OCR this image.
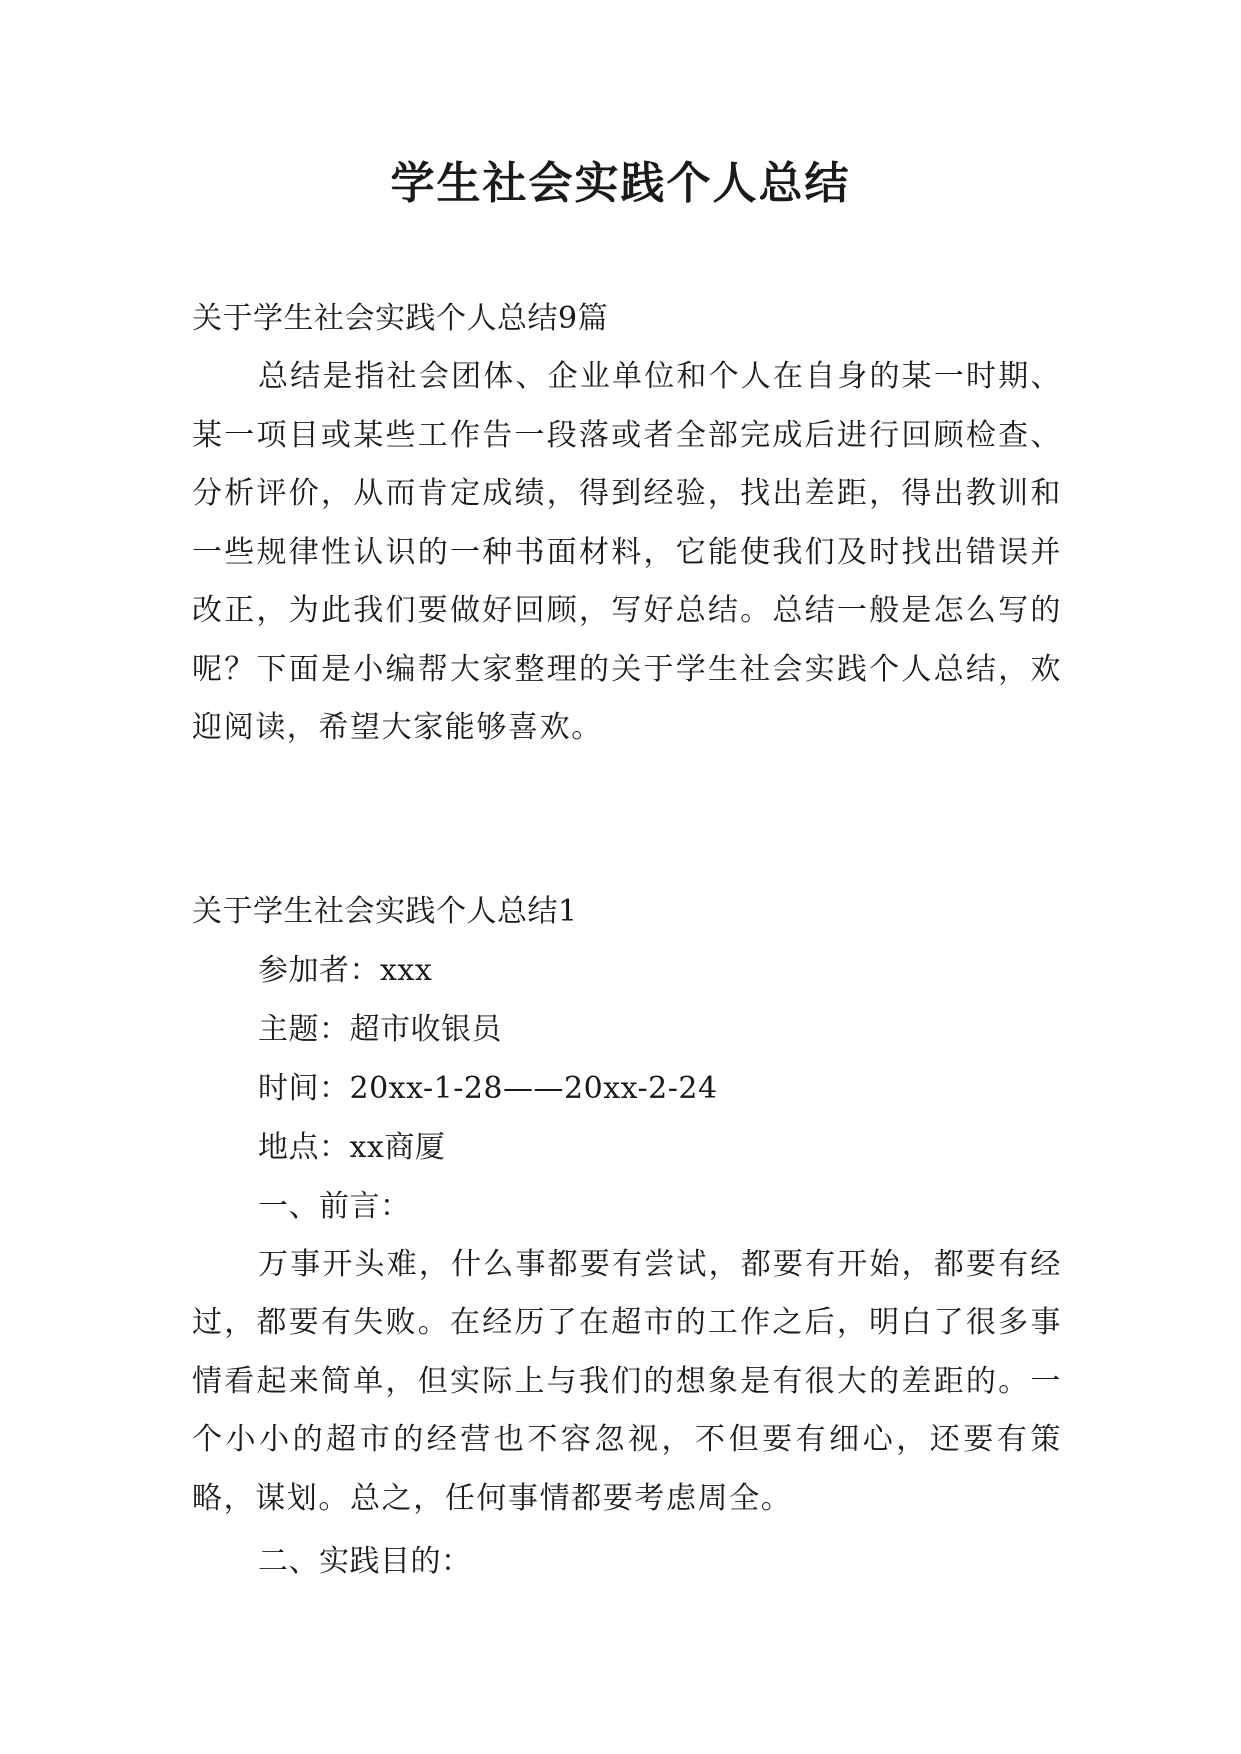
学生社会实践个人总结
关于学生社会实践个人总结9篇

总结是指社会团体、企业单位和个人在自身的某一时期、某一项目或某些工作告一段落或者全部完成后进行回顾检查、分析评价，从而肯定成绩，得到经验，找出差距，得出教训和一些规律性认识的一种书面材料，它能使我们及时找出错误并改正，为此我们要做好回顾，写好总结。总结一般是怎么写的呢？下面是小编帮大家整理的关于学生社会实践个人总结，欢迎阅读，希望大家能够喜欢。

关于学生社会实践个人总结1
参加者：xxx
主题：超市收银员
时间：20xx-1-28——20xx-2-24
地点：xx商厦
一、前言：

万事开头难，什么事都要有尝试，都要有开始，都要有经过，都要有失败。在经历了在超市的工作之后，明白了很多事情看起来简单，但实际上与我们的想象是有很大的差距的。一个小小的超市的经营也不容忽视，不但要有细心，还要有策略，谋划。总之，任何事情都要考虑周全。

二、实践目的：
